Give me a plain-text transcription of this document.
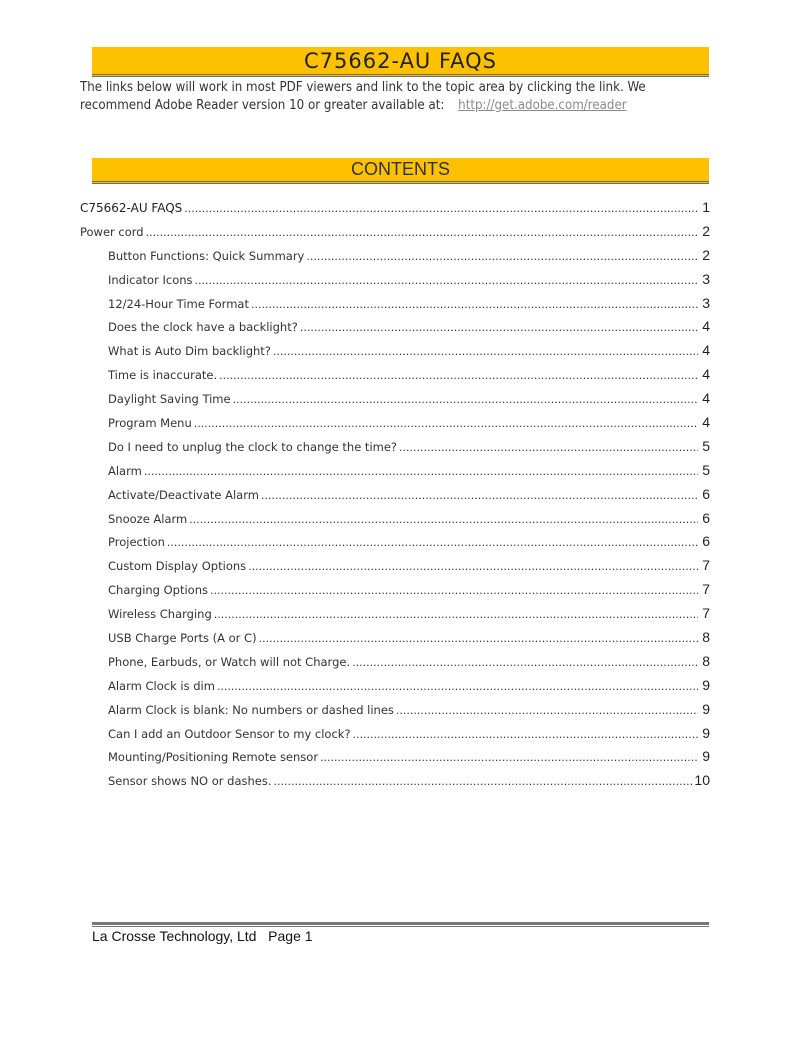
C75662-AU FAQS
The links below will work in most PDF viewers and link to the topic area by clicking the link. We recommend Adobe Reader version 10 or greater available at: http://get.adobe.com/reader
CONTENTS
C75662-AU FAQS .....	1
Power cord .....	2
Button Functions: Quick Summary .....	2
Indicator Icons .....	3
12/24-Hour Time Format .....	3
Does the clock have a backlight? .....	4
What is Auto Dim backlight? .....	4
Time is inaccurate. .....	4
Daylight Saving Time .....	4
Program Menu .....	4
Do I need to unplug the clock to change the time? .....	5
Alarm .....	5
Activate/Deactivate Alarm .....	6
Snooze Alarm .....	6
Projection .....	6
Custom Display Options .....	7
Charging Options .....	7
Wireless Charging .....	7
USB Charge Ports (A or C) .....	8
Phone, Earbuds, or Watch will not Charge. .....	8
Alarm Clock is dim .....	9
Alarm Clock is blank: No numbers or dashed lines .....	9
Can I add an Outdoor Sensor to my clock? .....	9
Mounting/Positioning Remote sensor .....	9
Sensor shows NO or dashes. .....	10
La Crosse Technology, Ltd Page 1
